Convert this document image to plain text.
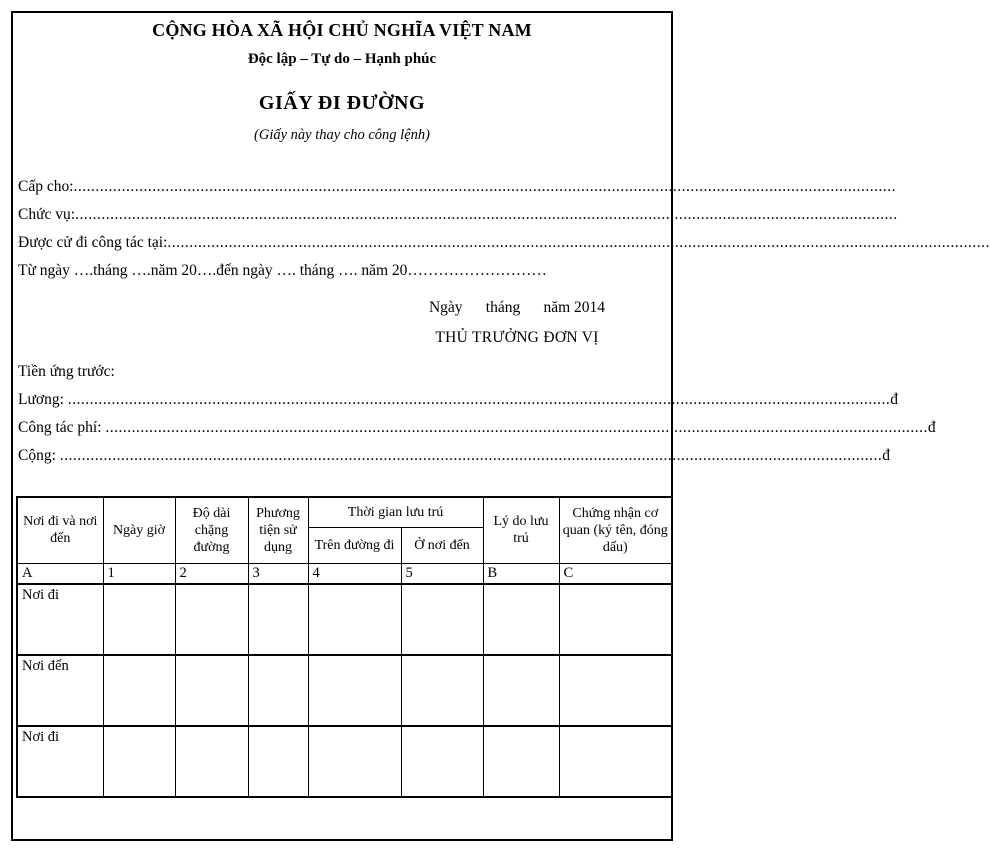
CỘNG HÒA XÃ HỘI CHỦ NGHĨA VIỆT NAM
Độc lập – Tự do – Hạnh phúc
GIẤY ĐI ĐƯỜNG
(Giấy này thay cho công lệnh)
Cấp cho: ............................................................................................................................................................................................
Chức vụ: ............................................................................................................................................................................................
Được cử đi công tác tại: ............................................................................................................................................................................................
Từ ngày ….tháng ….năm 20….đến ngày …. tháng …. năm 20………………………
Ngày      tháng      năm 2014
THỦ TRƯỞNG ĐƠN VỊ
Tiền ứng trước:
Lương: ............................................................................................................................................................................................ đ
Công tác phí: ............................................................................................................................................................................................ đ
Cộng: ............................................................................................................................................................................................ đ
Nơi đi và nơi đến	Ngày giờ	Độ dài chặng đường	Phương tiện sử dụng	Thời gian lưu trú		Lý do lưu trú	Chứng nhận cơ quan (ký tên, đóng dấu)
				Trên đường đi	Ở nơi đến		
A	1	2	3	4	5	B	C
Nơi đi							
Nơi đến							
Nơi đi							
